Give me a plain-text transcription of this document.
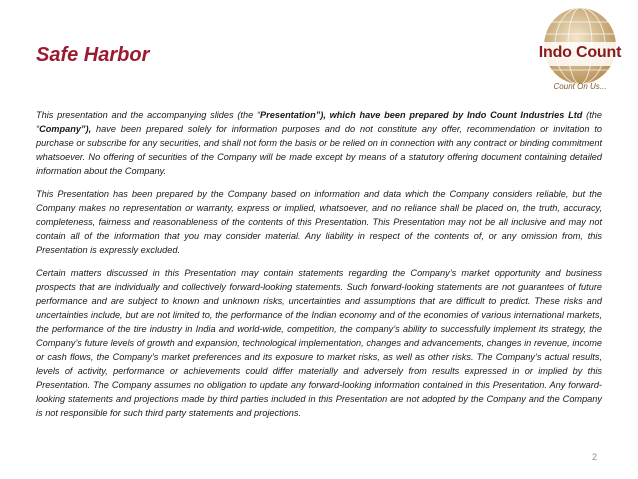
Safe Harbor	Indo Count
Count On Us...

This presentation and the accompanying slides (the “Presentation”), which have been prepared by Indo Count Industries Ltd (the “Company”), have been prepared solely for information purposes and do not constitute any offer, recommendation or invitation to purchase or subscribe for any securities, and shall not form the basis or be relied on in connection with any contract or binding commitment whatsoever. No offering of securities of the Company will be made except by means of a statutory offering document containing detailed information about the Company.

This Presentation has been prepared by the Company based on information and data which the Company considers reliable, but the Company makes no representation or warranty, express or implied, whatsoever, and no reliance shall be placed on, the truth, accuracy, completeness, fairness and reasonableness of the contents of this Presentation. This Presentation may not be all inclusive and may not contain all of the information that you may consider material. Any liability in respect of the contents of, or any omission from, this Presentation is expressly excluded.

Certain matters discussed in this Presentation may contain statements regarding the Company’s market opportunity and business prospects that are individually and collectively forward-looking statements. Such forward-looking statements are not guarantees of future performance and are subject to known and unknown risks, uncertainties and assumptions that are difficult to predict. These risks and uncertainties include, but are not limited to, the performance of the Indian economy and of the economies of various international markets, the performance of the tire industry in India and world-wide, competition, the company’s ability to successfully implement its strategy, the Company’s future levels of growth and expansion, technological implementation, changes and advancements, changes in revenue, income or cash flows, the Company’s market preferences and its exposure to market risks, as well as other risks. The Company’s actual results, levels of activity, performance or achievements could differ materially and adversely from results expressed in or implied by this Presentation. The Company assumes no obligation to update any forward-looking information contained in this Presentation. Any forward-looking statements and projections made by third parties included in this Presentation are not adopted by the Company and the Company is not responsible for such third party statements and projections.

2
